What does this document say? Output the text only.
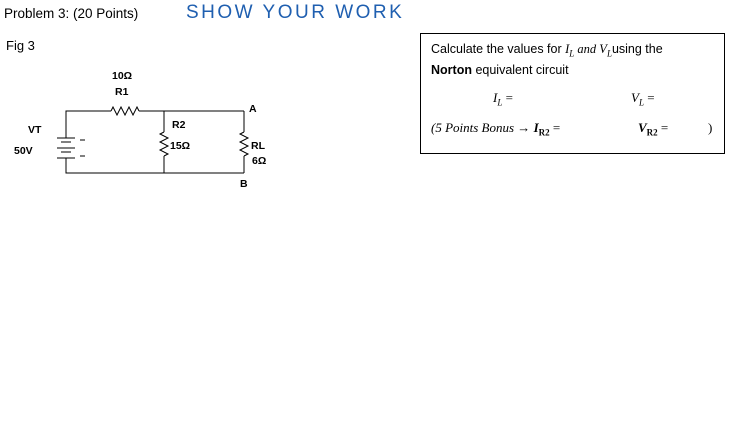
Problem 3: (20 Points)	SHOW YOUR WORK
Fig 3
10Ω
R1
VT
50V
R2
15Ω
A
RL
6Ω
B
Calculate the values for $I_L$ and $V_Lusing$ the
Norton equivalent circuit
$I_L$ =	$V_L$ =
(5 Points Bonus → $I_{R2}$ =	$V_{R2}$ =	)
